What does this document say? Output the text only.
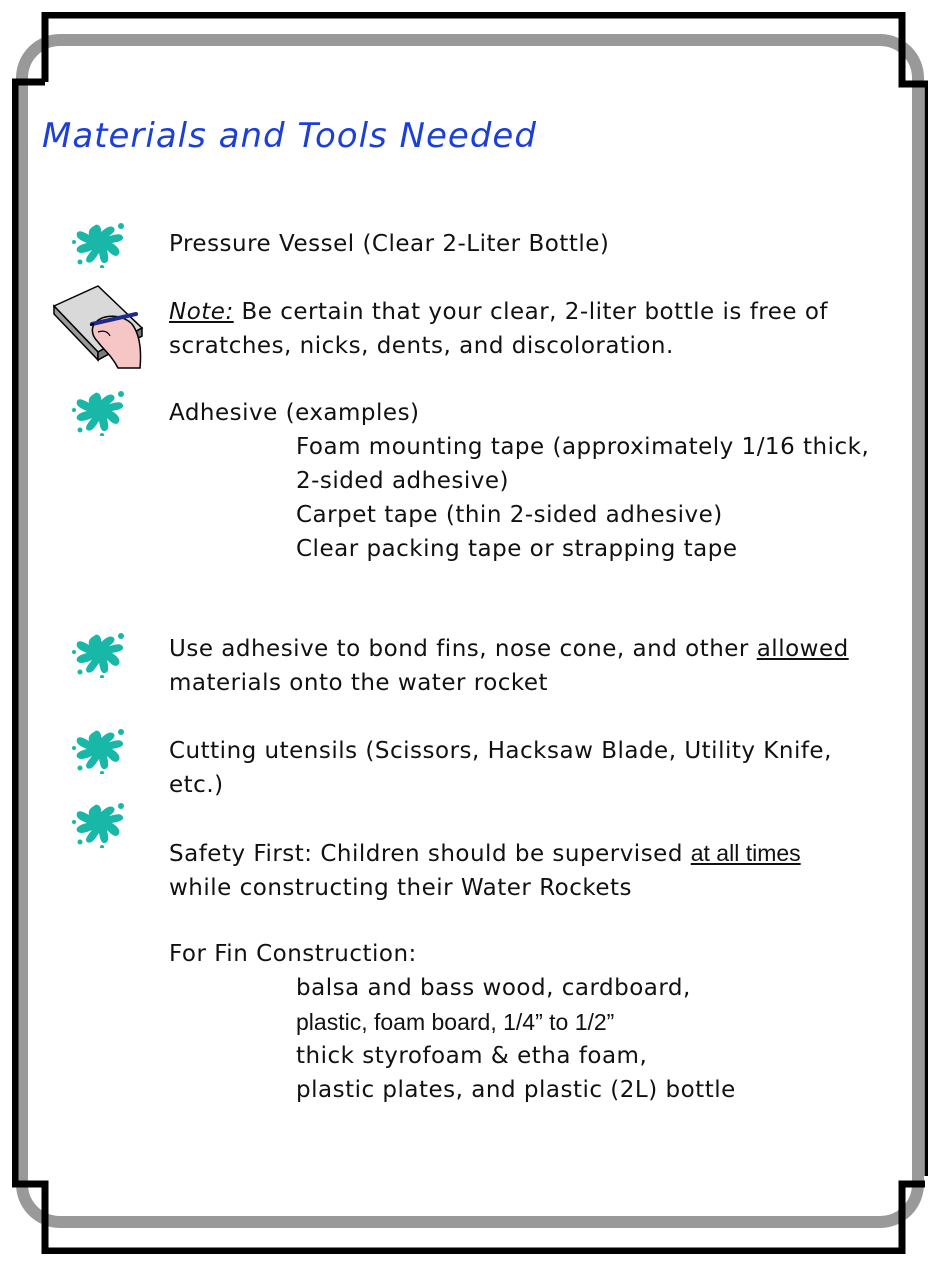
Materials and Tools Needed
Pressure Vessel (Clear 2-Liter Bottle)
Note: Be certain that your clear, 2-liter bottle is free of
scratches, nicks, dents, and discoloration.
Adhesive (examples)
Foam mounting tape (approximately 1/16 thick,
2-sided adhesive)
Carpet tape (thin 2-sided adhesive)
Clear packing tape or strapping tape
Use adhesive to bond fins, nose cone, and other allowed
materials onto the water rocket
Cutting utensils (Scissors, Hacksaw Blade, Utility Knife,
etc.)
Safety First: Children should be supervised at all times
while constructing their Water Rockets
For Fin Construction:
balsa and bass wood, cardboard,
plastic, foam board, 1/4” to 1/2”
thick styrofoam & etha foam,
plastic plates, and plastic (2L) bottle
